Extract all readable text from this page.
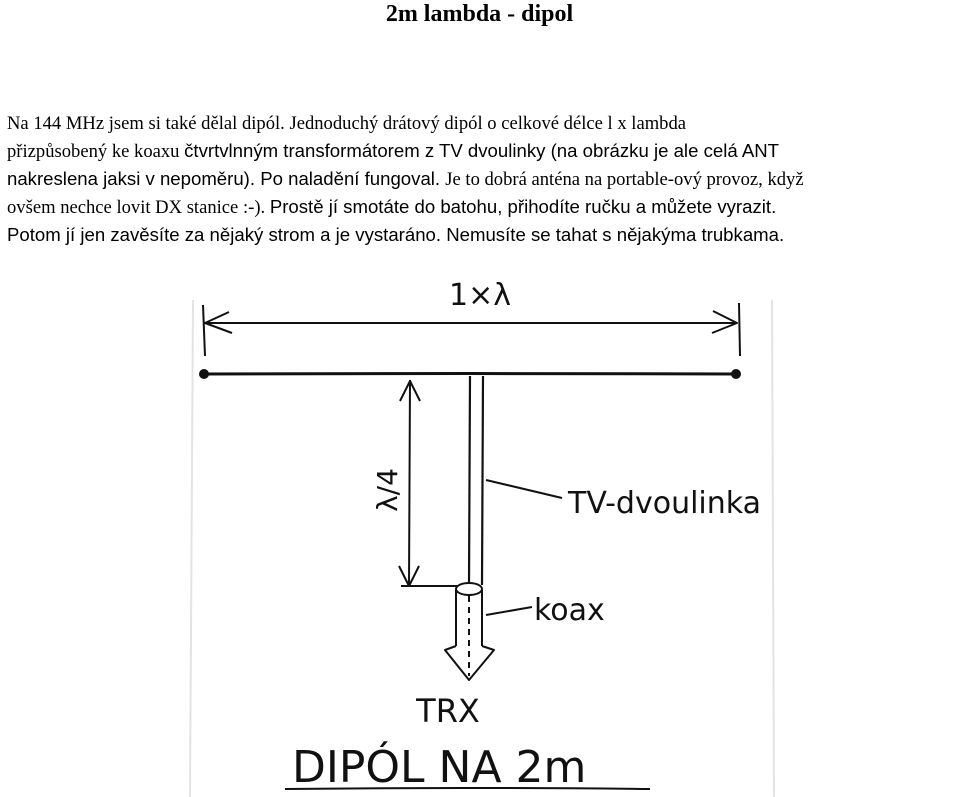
2m lambda - dipol
Na 144 MHz jsem si také dělal dipól. Jednoduchý drátový dipól o celkové délce l x lambda
přizpůsobený ke koaxu čtvrtvlnným transformátorem z TV dvoulinky (na obrázku je ale celá ANT
nakreslena jaksi v nepoměru). Po naladění fungoval. Je to dobrá anténa na portable-ový provoz, když
ovšem nechce lovit DX stanice :-). Prostě jí smotáte do batohu, přihodíte ručku a můžete vyrazit.
Potom jí jen zavěsíte za nějaký strom a je vystaráno. Nemusíte se tahat s nějakýma trubkama.
1×λ
λ/4	TV-dvoulinka
koax
TRX
DIPÓL NA 2m
